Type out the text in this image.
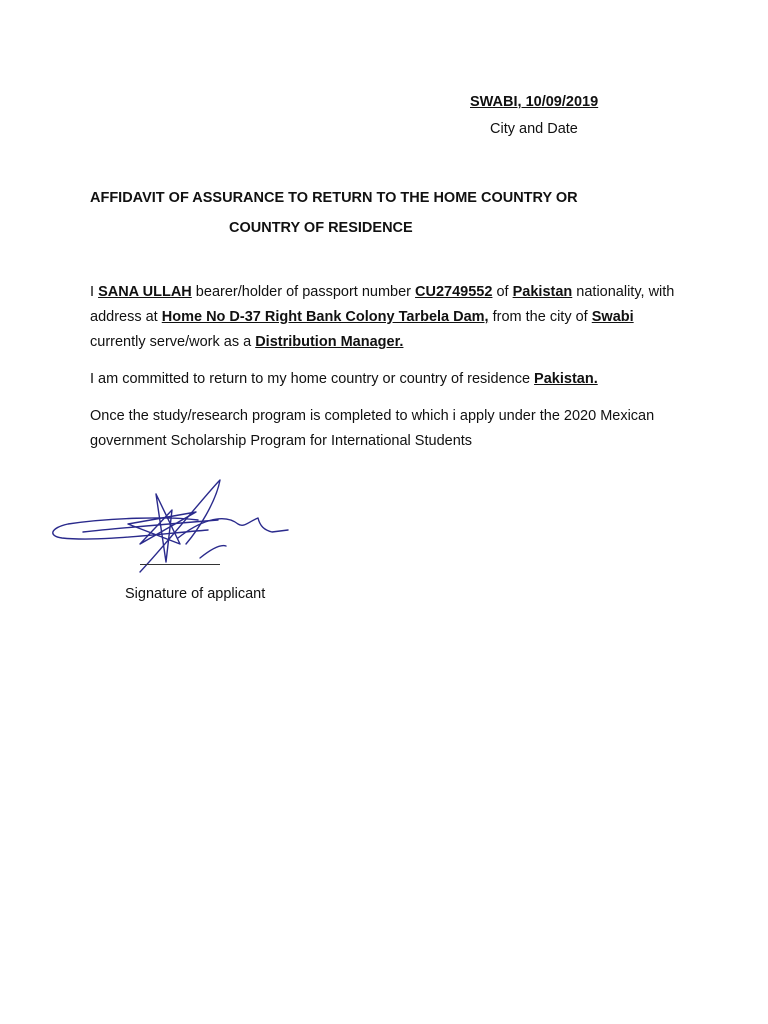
SWABI, 10/09/2019
City and Date
AFFIDAVIT OF ASSURANCE TO RETURN TO THE HOME COUNTRY OR
COUNTRY OF RESIDENCE

I SANA ULLAH bearer/holder of passport number CU2749552 of Pakistan nationality, with address at Home No D-37 Right Bank Colony Tarbela Dam, from the city of Swabi currently serve/work as a Distribution Manager.

I am committed to return to my home country or country of residence Pakistan.

Once the study/research program is completed to which i apply under the 2020 Mexican government Scholarship Program for International Students

Signature of applicant
